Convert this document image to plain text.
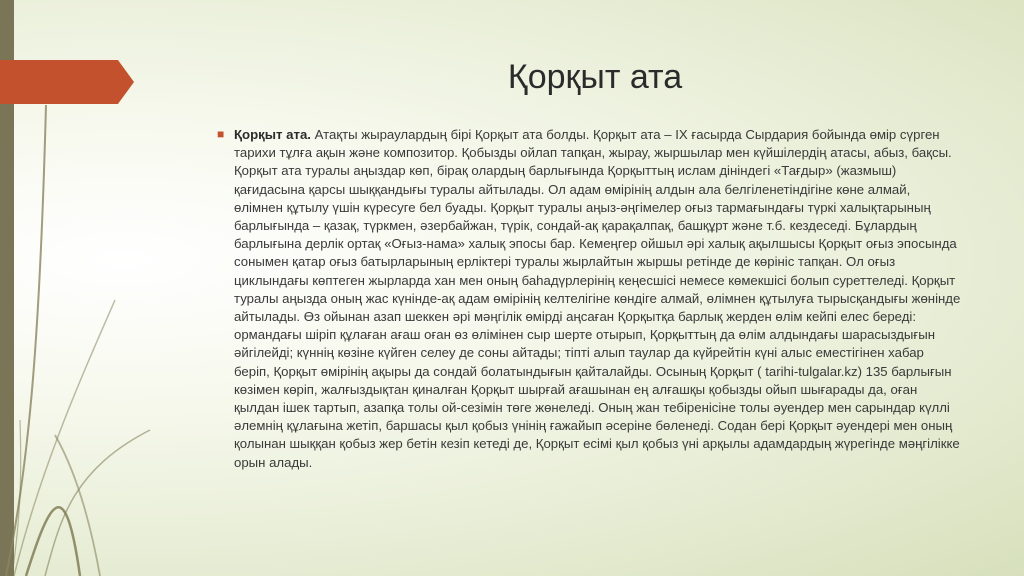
Қорқыт ата
■ Қорқыт ата. Атақты жыраулардың бірі Қорқыт ата болды. Қорқыт ата – IX ғасырда Сырдария бойында өмір сүрген тарихи тұлға ақын және композитор. Қобызды ойлап тапқан, жырау, жыршылар мен күйшілердің атасы, абыз, бақсы. Қорқыт ата туралы аңыздар көп, бірақ олардың барлығында Қорқыттың ислам дініндегі «Тағдыр» (жазмыш) қағидасына қарсы шыққандығы туралы айтылады. Ол адам өмірінің алдын ала белгіленетіндігіне көне алмай, өлімнен құтылу үшін күресуге бел буады. Қорқыт туралы аңыз-әңгімелер оғыз тармағындағы түркі халықтарының барлығында – қазақ, түркмен, әзербайжан, түрік, сондай-ақ қарақалпақ, башқұрт және т.б. кездеседі. Бұлардың барлығына дерлік ортақ «Оғыз-нама» халық эпосы бар. Кемеңгер ойшыл әрі халық ақылшысы Қорқыт оғыз эпосында сонымен қатар оғыз батырларының ерліктері туралы жырлайтын жыршы ретінде де көрініс тапқан. Ол оғыз циклындағы көптеген жырларда хан мен оның баһадүрлерінің кеңесшісі немесе көмекшісі болып суреттеледі. Қорқыт туралы аңызда оның жас күнінде-ақ адам өмірінің келтелігіне көндіге алмай, өлімнен құтылуға тырысқандығы жөнінде айтылады. Өз ойынан азап шеккен әрі мәңгілік өмірді аңсаған Қорқытқа барлық жерден өлім кейпі елес береді: ормандағы шіріп құлаған ағаш оған өз өлімінен сыр шерте отырып, Қорқыттың да өлім алдындағы шарасыздығын әйгілейді; күннің көзіне күйген селеу де соны айтады; тіпті алып таулар да күйрейтін күні алыс еместігінен хабар беріп, Қорқыт өмірінің ақыры да сондай болатындығын қайталайды. Осының Қорқыт ( tarihi-tulgalar.kz) 135 барлығын көзімен көріп, жалғыздықтан қиналған Қорқыт шырғай ағашынан ең алғашқы қобызды ойып шығарады да, оған қылдан ішек тартып, азапқа толы ой-сезімін төге жөнеледі. Оның жан тебіренісіне толы әуендер мен сарындар күллі әлемнің құлағына жетіп, баршасы қыл қобыз үнінің ғажайып әсеріне бөленеді. Содан бері Қорқыт әуендері мен оның қолынан шыққан қобыз жер бетін кезіп кетеді де, Қорқыт есімі қыл қобыз үні арқылы адамдардың жүрегінде мәңгілікке орын алады.
